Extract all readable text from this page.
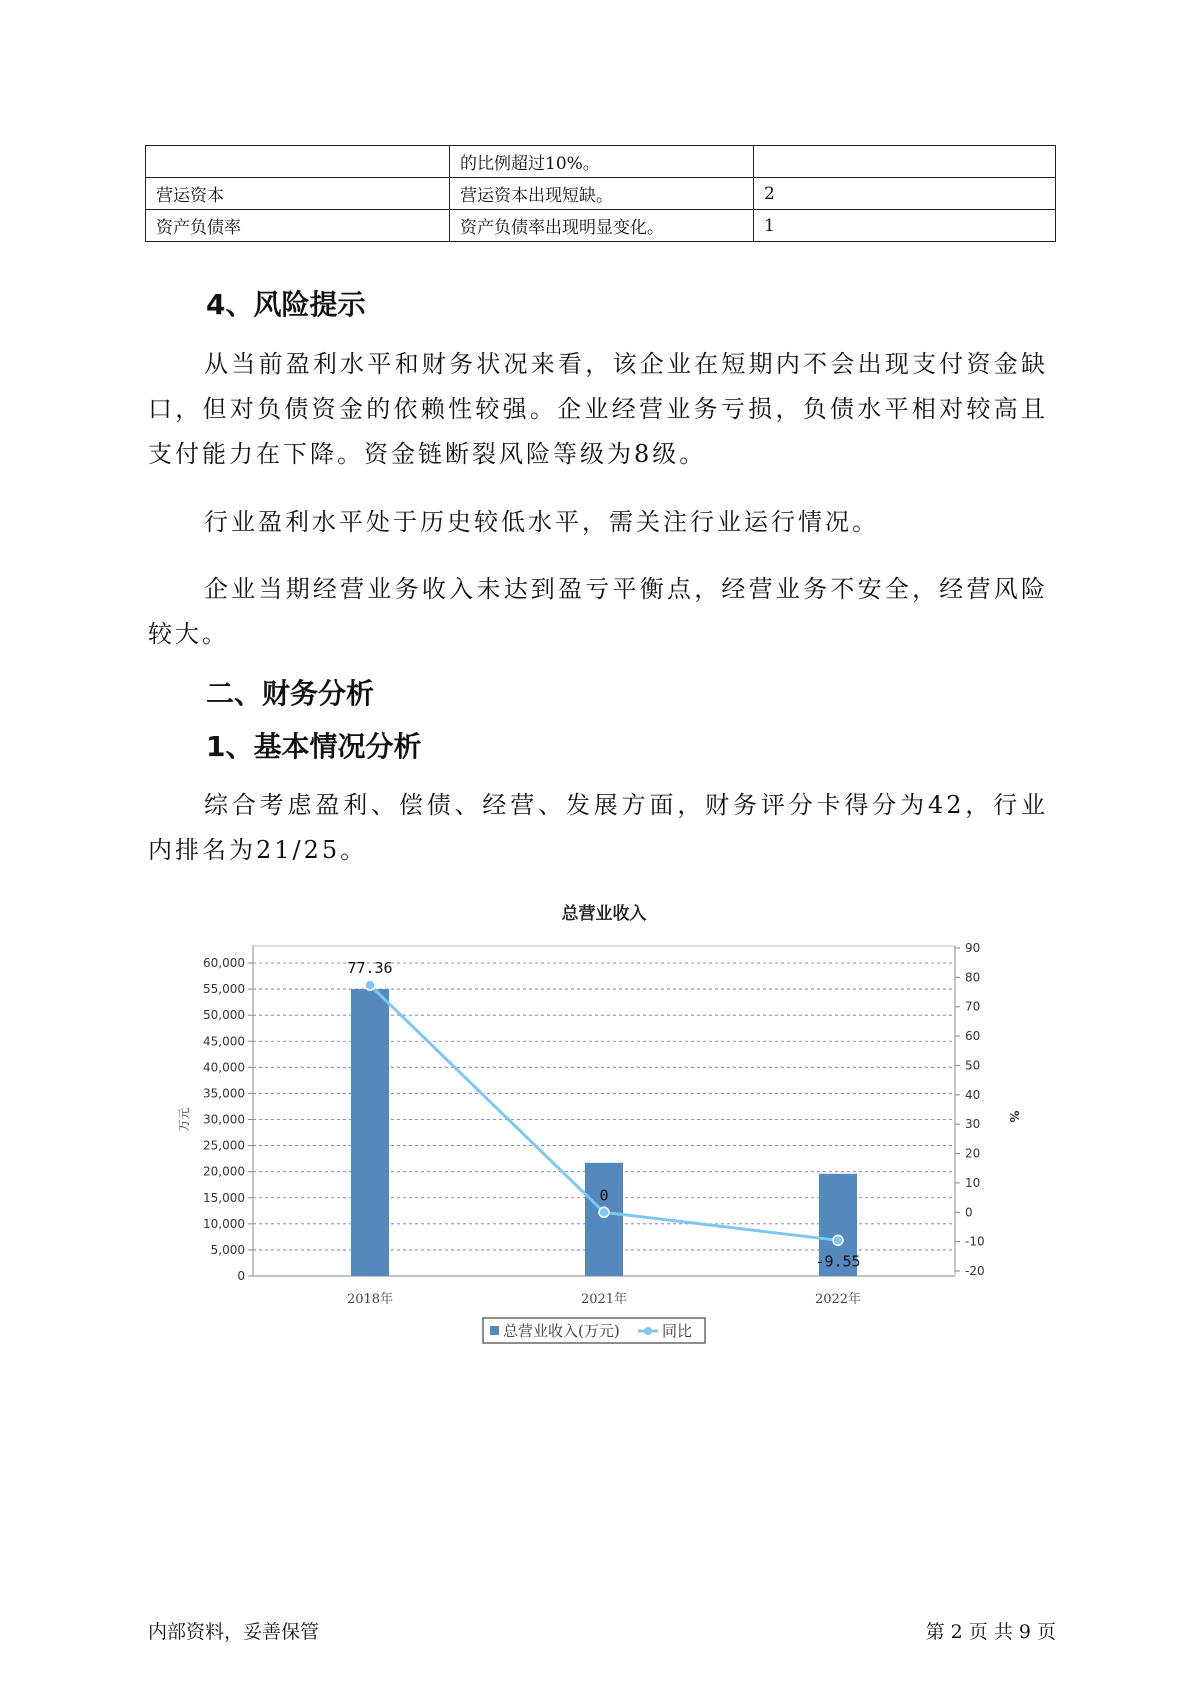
	的比例超过10%。	
营运资本	营运资本出现短缺。	2
资产负债率	资产负债率出现明显变化。	1
4、风险提示

从当前盈利水平和财务状况来看，该企业在短期内不会出现支付资金缺口，但对负债资金的依赖性较强。企业经营业务亏损，负债水平相对较高且支付能力在下降。资金链断裂风险等级为8级。

行业盈利水平处于历史较低水平，需关注行业运行情况。

企业当期经营业务收入未达到盈亏平衡点，经营业务不安全，经营风险较大。

二、财务分析
1、基本情况分析

综合考虑盈利、偿债、经营、发展方面，财务评分卡得分为42，行业内排名为21/25。

总营业收入
0
5,000
10,000
15,000
20,000
25,000
30,000
35,000
40,000
45,000
50,000
55,000
60,000
万元
-20
-10
0
10
20
30
40
50
60
70
80
90
%
2018年	2021年	2022年
77.36
0
-9.55
总营业收入(万元)	同比
内部资料，妥善保管	第 2 页 共 9 页
